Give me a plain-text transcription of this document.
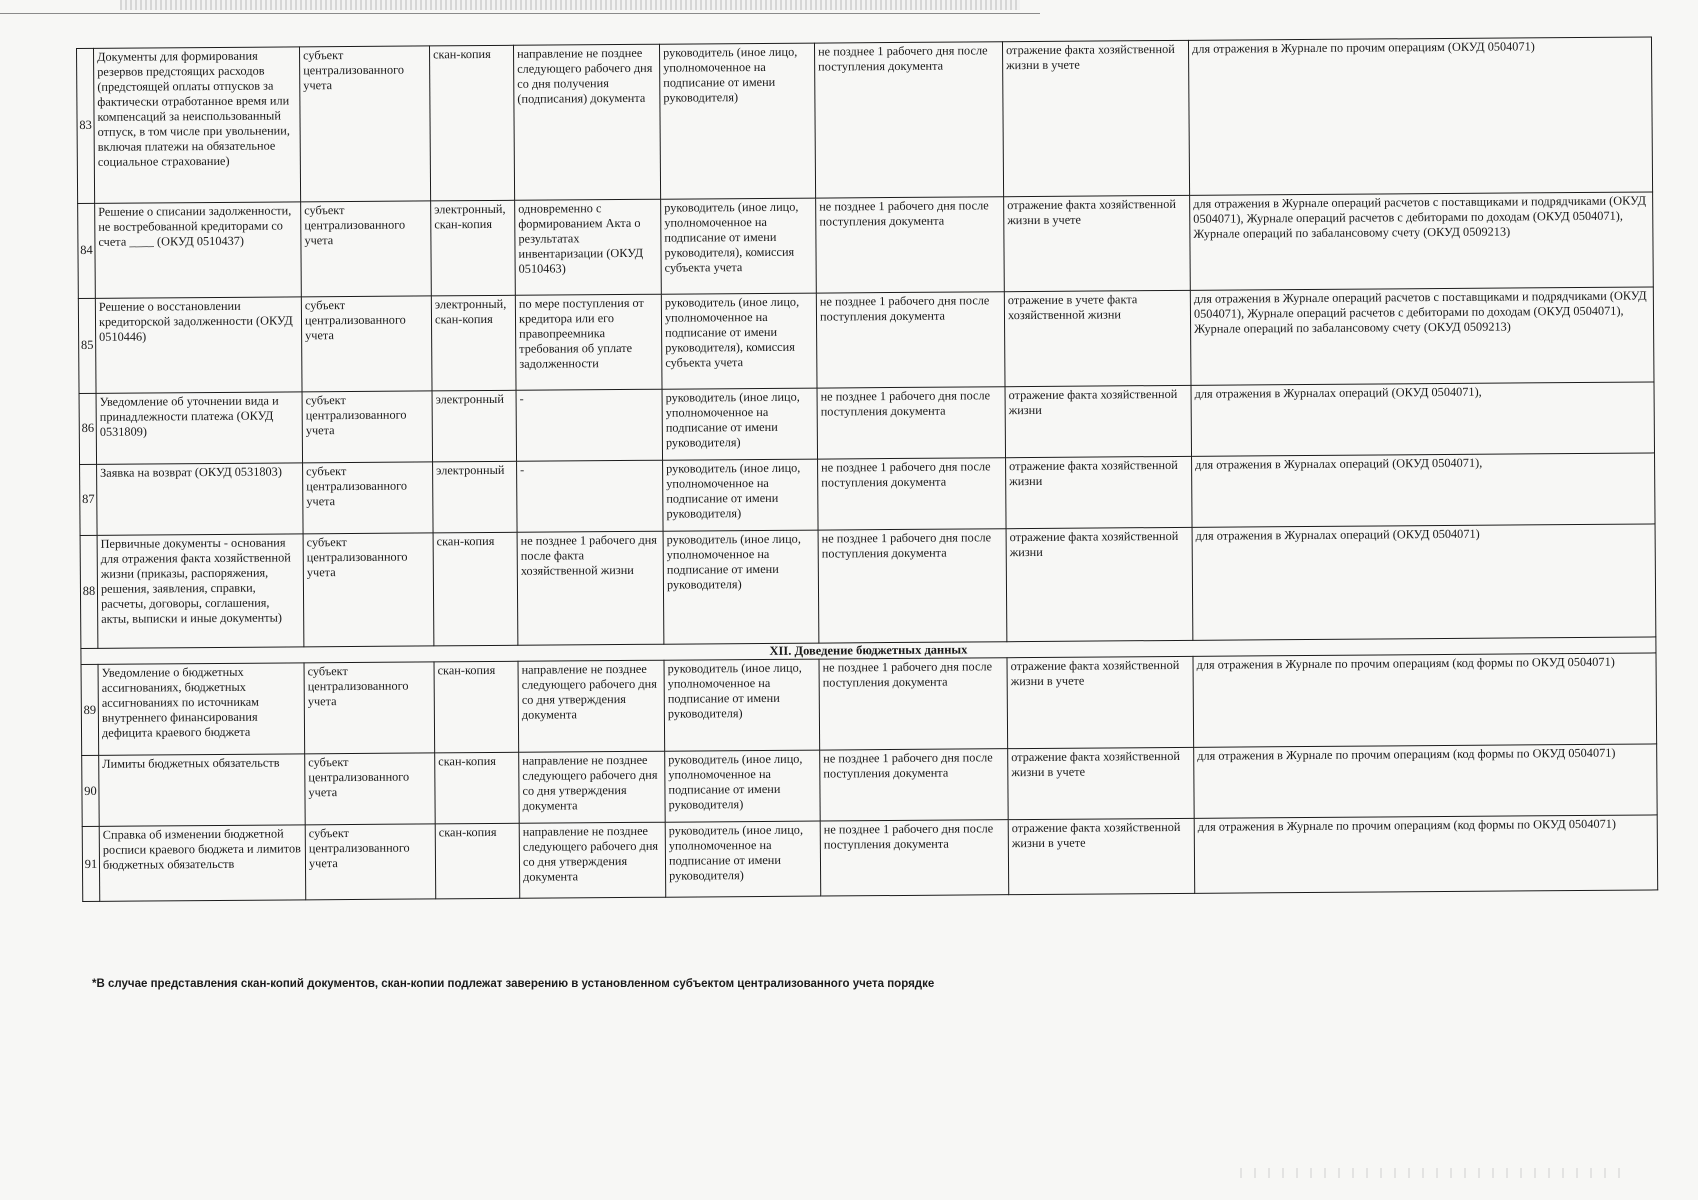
83	Документы для формирования резервов предстоящих расходов (предстоящей оплаты отпусков за фактически отработанное время или компенсаций за неиспользованный отпуск, в том числе при увольнении, включая платежи на обязательное социальное страхование)	субъект централизованного учета	скан-копия	направление не позднее следующего рабочего дня со дня получения (подписания) документа	руководитель (иное лицо, уполномоченное на подписание от имени руководителя)	не позднее 1 рабочего дня после поступления документа	отражение факта хозяйственной жизни в учете	для отражения в Журнале по прочим операциям (ОКУД 0504071)
84	Решение о списании задолженности, не востребованной кредиторами со счета ____ (ОКУД 0510437)	субъект централизованного учета	электронный, скан-копия	одновременно с формированием Акта о результатах инвентаризации (ОКУД 0510463)	руководитель (иное лицо, уполномоченное на подписание от имени руководителя), комиссия субъекта учета	не позднее 1 рабочего дня после поступления документа	отражение факта хозяйственной жизни в учете	для отражения в Журнале операций расчетов с поставщиками и подрядчиками (ОКУД 0504071), Журнале операций расчетов с дебиторами по доходам (ОКУД 0504071), Журнале операций по забалансовому счету (ОКУД 0509213)
85	Решение о восстановлении кредиторской задолженности (ОКУД 0510446)	субъект централизованного учета	электронный, скан-копия	по мере поступления от кредитора или его правопреемника требования об уплате задолженности	руководитель (иное лицо, уполномоченное на подписание от имени руководителя), комиссия субъекта учета	не позднее 1 рабочего дня после поступления документа	отражение в учете факта хозяйственной жизни	для отражения в Журнале операций расчетов с поставщиками и подрядчиками (ОКУД 0504071), Журнале операций расчетов с дебиторами по доходам (ОКУД 0504071), Журнале операций по забалансовому счету (ОКУД 0509213)
86	Уведомление об уточнении вида и принадлежности платежа (ОКУД 0531809)	субъект централизованного учета	электронный	-	руководитель (иное лицо, уполномоченное на подписание от имени руководителя)	не позднее 1 рабочего дня после поступления документа	отражение факта хозяйственной жизни	для отражения в Журналах операций (ОКУД 0504071),
87	Заявка на возврат (ОКУД 0531803)	субъект централизованного учета	электронный	-	руководитель (иное лицо, уполномоченное на подписание от имени руководителя)	не позднее 1 рабочего дня после поступления документа	отражение факта хозяйственной жизни	для отражения в Журналах операций (ОКУД 0504071),
88	Первичные документы - основания для отражения факта хозяйственной жизни (приказы, распоряжения, решения, заявления, справки, расчеты, договоры, соглашения, акты, выписки и иные документы)	субъект централизованного учета	скан-копия	не позднее 1 рабочего дня после факта хозяйственной жизни	руководитель (иное лицо, уполномоченное на подписание от имени руководителя)	не позднее 1 рабочего дня после поступления документа	отражение факта хозяйственной жизни	для отражения в Журналах операций (ОКУД 0504071)
XII. Доведение бюджетных данных								
89	Уведомление о бюджетных ассигнованиях, бюджетных ассигнованиях по источникам внутреннего финансирования дефицита краевого бюджета	субъект централизованного учета	скан-копия	направление не позднее следующего рабочего дня со дня утверждения документа	руководитель (иное лицо, уполномоченное на подписание от имени руководителя)	не позднее 1 рабочего дня после поступления документа	отражение факта хозяйственной жизни в учете	для отражения в Журнале по прочим операциям (код формы по ОКУД 0504071)
90	Лимиты бюджетных обязательств	субъект централизованного учета	скан-копия	направление не позднее следующего рабочего дня со дня утверждения документа	руководитель (иное лицо, уполномоченное на подписание от имени руководителя)	не позднее 1 рабочего дня после поступления документа	отражение факта хозяйственной жизни в учете	для отражения в Журнале по прочим операциям (код формы по ОКУД 0504071)
91	Справка об изменении бюджетной росписи краевого бюджета и лимитов бюджетных обязательств	субъект централизованного учета	скан-копия	направление не позднее следующего рабочего дня со дня утверждения документа	руководитель (иное лицо, уполномоченное на подписание от имени руководителя)	не позднее 1 рабочего дня после поступления документа	отражение факта хозяйственной жизни в учете	для отражения в Журнале по прочим операциям (код формы по ОКУД 0504071)
*В случае представления скан-копий документов, скан-копии подлежат заверению в установленном субъектом централизованного учета порядке
